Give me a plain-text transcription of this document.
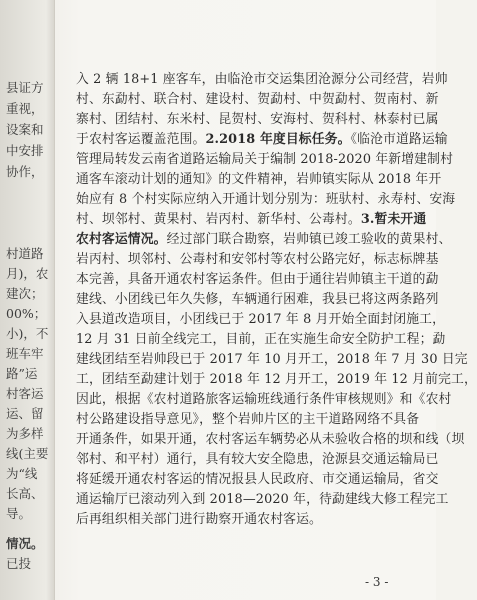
县证方
重视，
设案和
中安排
协作，
村道路
月)，农
建次；
00%；
小)，不
班车牢
路”运
村客运
运、留
为多样
线(主要
为“线
长高、
导。
情况。
已投
入 2 辆 18+1 座客车，由临沧市交运集团沧源分公司经营，岩帅
村、东勐村、联合村、建设村、贺勐村、中贺勐村、贺南村、新
寨村、团结村、东米村、昆贺村、安海村、贺科村、林泰村已属
于农村客运覆盖范围。2.2018 年度目标任务。《临沧市道路运输
管理局转发云南省道路运输局关于编制 2018-2020 年新增建制村
通客车滚动计划的通知》的文件精神，岩帅镇实际从 2018 年开
始应有 8 个村实际应纳入开通计划分别为：班驮村、永寿村、安海
村、坝邻村、黄果村、岩丙村、新华村、公毒村。3.暂未开通
农村客运情况。经过部门联合勘察，岩帅镇已竣工验收的黄果村、
岩丙村、坝邻村、公毒村和安邻村等农村公路完好，标志标牌基
本完善，具备开通农村客运条件。但由于通往岩帅镇主干道的勐
建线、小团线已年久失修，车辆通行困难，我县已将这两条路列
入县道改造项目，小团线已于 2017 年 8 月开始全面封闭施工，
12 月 31 日前全线完工，目前，正在实施生命安全防护工程；勐
建线团结至岩帅段已于 2017 年 10 月开工，2018 年 7 月 30 日完
工，团结至勐建计划于 2018 年 12 月开工，2019 年 12 月前完工，
因此，根据《农村道路旅客运输班线通行条件审核规则》和《农村
村公路建设指导意见》，整个岩帅片区的主干道路网络不具备
开通条件，如果开通，农村客运车辆势必从未验收合格的坝和线（坝
邻村、和平村）通行，具有较大安全隐患，沧源县交通运输局已
将延缓开通农村客运的情况报县人民政府、市交通运输局，省交
通运输厅已滚动列入到 2018—2020 年，待勐建线大修工程完工
后再组织相关部门进行勘察开通农村客运。
- 3 -
